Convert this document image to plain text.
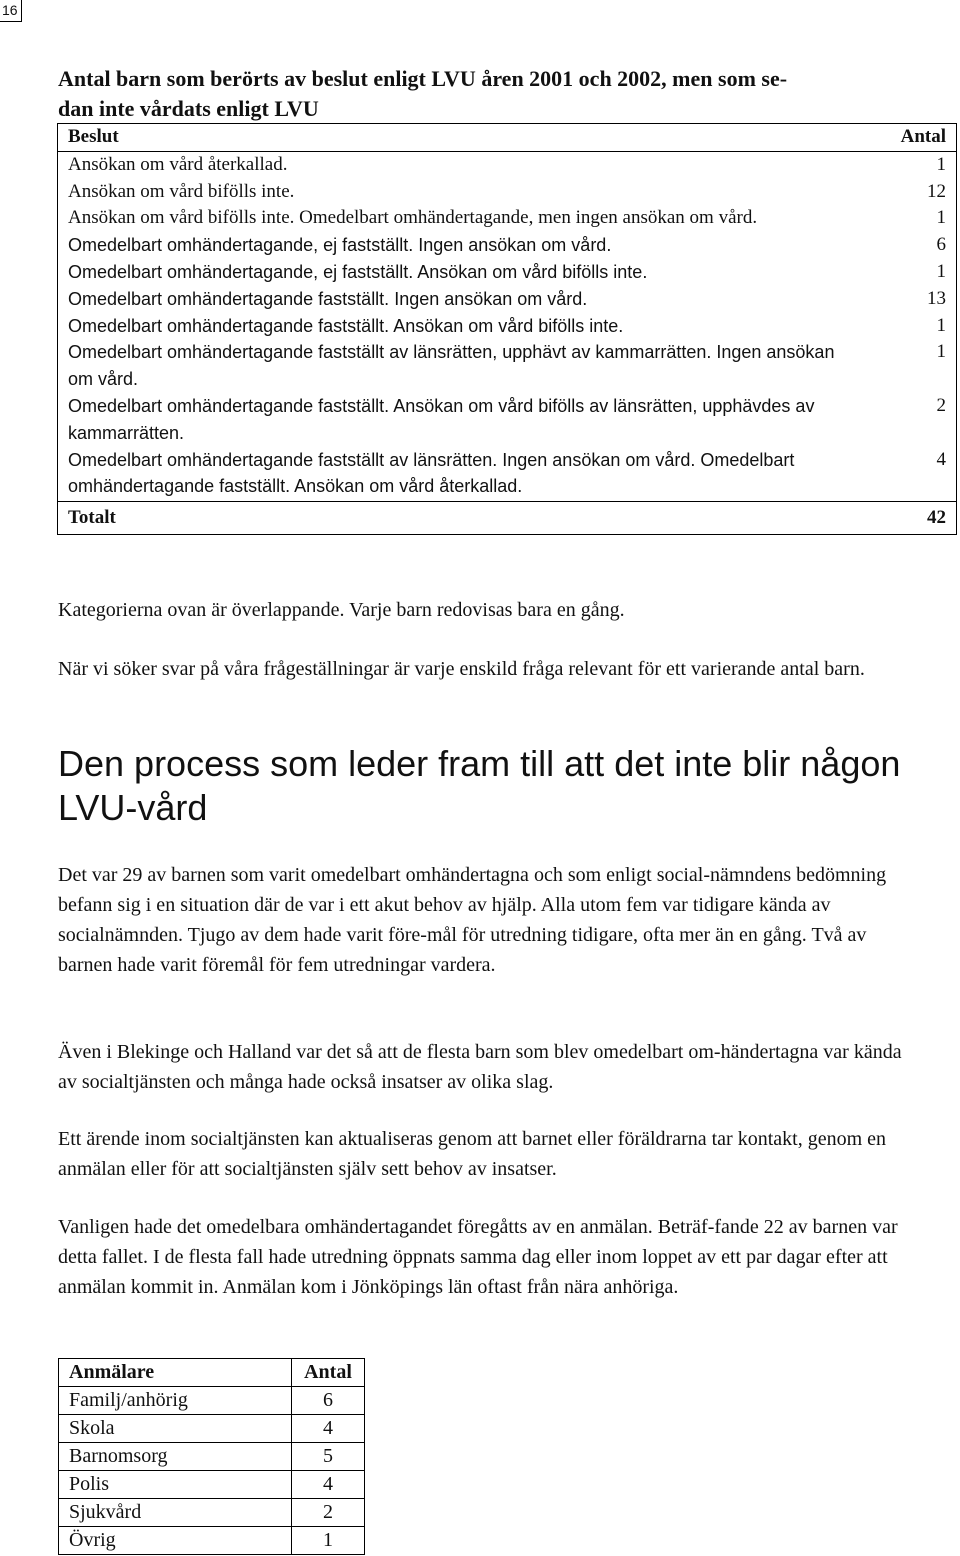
16
Antal barn som berörts av beslut enligt LVU åren 2001 och 2002, men som se-
dan inte vårdats enligt LVU
Beslut	Antal
Ansökan om vård återkallad.	1
Ansökan om vård bifölls inte.	12
Ansökan om vård bifölls inte. Omedelbart omhändertagande, men ingen ansökan om vård.	1
Omedelbart omhändertagande, ej fastställt. Ingen ansökan om vård.	6
Omedelbart omhändertagande, ej fastställt. Ansökan om vård bifölls inte.	1
Omedelbart omhändertagande fastställt. Ingen ansökan om vård.	13
Omedelbart omhändertagande fastställt. Ansökan om vård bifölls inte.	1
Omedelbart omhändertagande fastställt av länsrätten, upphävt av kammarrätten. Ingen ansökan om vård.	1
Omedelbart omhändertagande fastställt. Ansökan om vård bifölls av länsrätten, upphävdes av kammarrätten.	2
Omedelbart omhändertagande fastställt av länsrätten. Ingen ansökan om vård. Omedelbart omhändertagande fastställt. Ansökan om vård återkallad.	4
Totalt	42

Kategorierna ovan är överlappande. Varje barn redovisas bara en gång.

När vi söker svar på våra frågeställningar är varje enskild fråga relevant för ett varierande antal barn.

Den process som leder fram till att det inte blir någon LVU-vård

Det var 29 av barnen som varit omedelbart omhändertagna och som enligt social-nämndens bedömning befann sig i en situation där de var i ett akut behov av hjälp. Alla utom fem var tidigare kända av socialnämnden. Tjugo av dem hade varit före-mål för utredning tidigare, ofta mer än en gång. Två av barnen hade varit föremål för fem utredningar vardera.

Även i Blekinge och Halland var det så att de flesta barn som blev omedelbart om-händertagna var kända av socialtjänsten och många hade också insatser av olika slag.

Ett ärende inom socialtjänsten kan aktualiseras genom att barnet eller föräldrarna tar kontakt, genom en anmälan eller för att socialtjänsten själv sett behov av insatser.

Vanligen hade det omedelbara omhändertagandet föregåtts av en anmälan. Beträf-fande 22 av barnen var detta fallet. I de flesta fall hade utredning öppnats samma dag eller inom loppet av ett par dagar efter att anmälan kommit in. Anmälan kom i Jönköpings län oftast från nära anhöriga.

Anmälare	Antal
Familj/anhörig	6
Skola	4
Barnomsorg	5
Polis	4
Sjukvård	2
Övrig	1
